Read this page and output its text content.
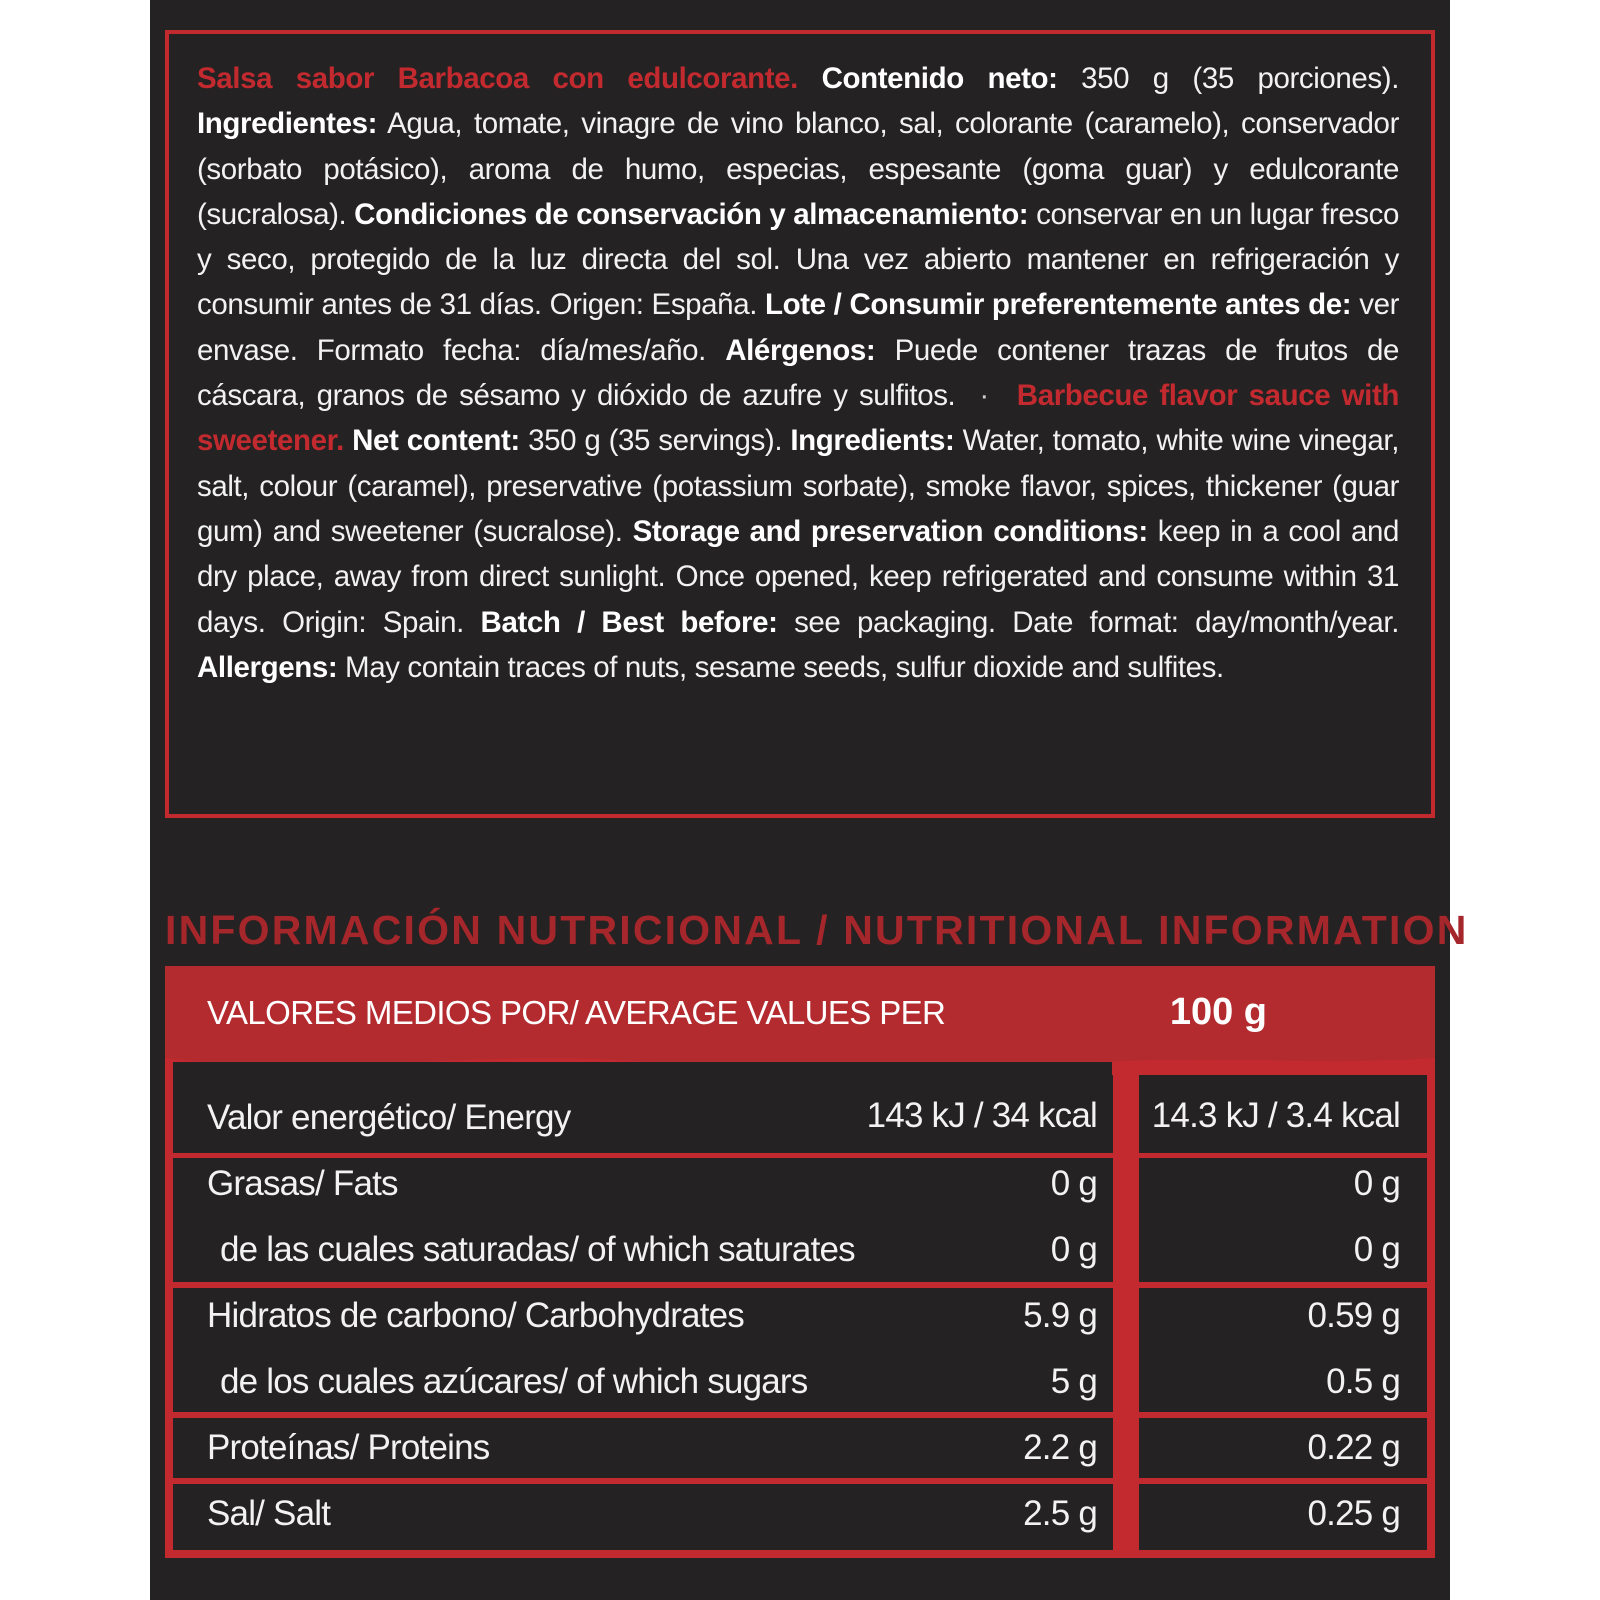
Salsa sabor Barbacoa con edulcorante. Contenido neto: 350 g (35 porciones). Ingredientes: Agua, tomate, vinagre de vino blanco, sal, colorante (caramelo), conservador (sorbato potásico), aroma de humo, especias, espesante (goma guar) y edulcorante (sucralosa). Condiciones de conservación y almacenamiento: conservar en un lugar fresco y seco, protegido de la luz directa del sol. Una vez abierto mantener en refrigeración y consumir antes de 31 días. Origen: España. Lote / Consumir preferentemente antes de: ver envase. Formato fecha: día/mes/año. Alérgenos: Puede contener trazas de frutos de cáscara, granos de sésamo y dióxido de azufre y sulfitos. · Barbecue flavor sauce with sweetener. Net content: 350 g (35 servings). Ingredients: Water, tomato, white wine vinegar, salt, colour (caramel), preservative (potassium sorbate), smoke flavor, spices, thickener (guar gum) and sweetener (sucralose). Storage and preservation conditions: keep in a cool and dry place, away from direct sunlight. Once opened, keep refrigerated and consume within 31 days. Origin: Spain. Batch / Best before: see packaging. Date format: day/month/year. Allergens: May contain traces of nuts, sesame seeds, sulfur dioxide and sulfites.

INFORMACIÓN NUTRICIONAL / NUTRITIONAL INFORMATION
VALORES MEDIOS POR/ AVERAGE VALUES PER	100 g	10 g
Valor energético/ Energy	143 kJ / 34 kcal	14.3 kJ / 3.4 kcal
Grasas/ Fats	0 g	0 g
de las cuales saturadas/ of which saturates	0 g	0 g
Hidratos de carbono/ Carbohydrates	5.9 g	0.59 g
de los cuales azúcares/ of which sugars	5 g	0.5 g
Proteínas/ Proteins	2.2 g	0.22 g
Sal/ Salt	2.5 g	0.25 g
